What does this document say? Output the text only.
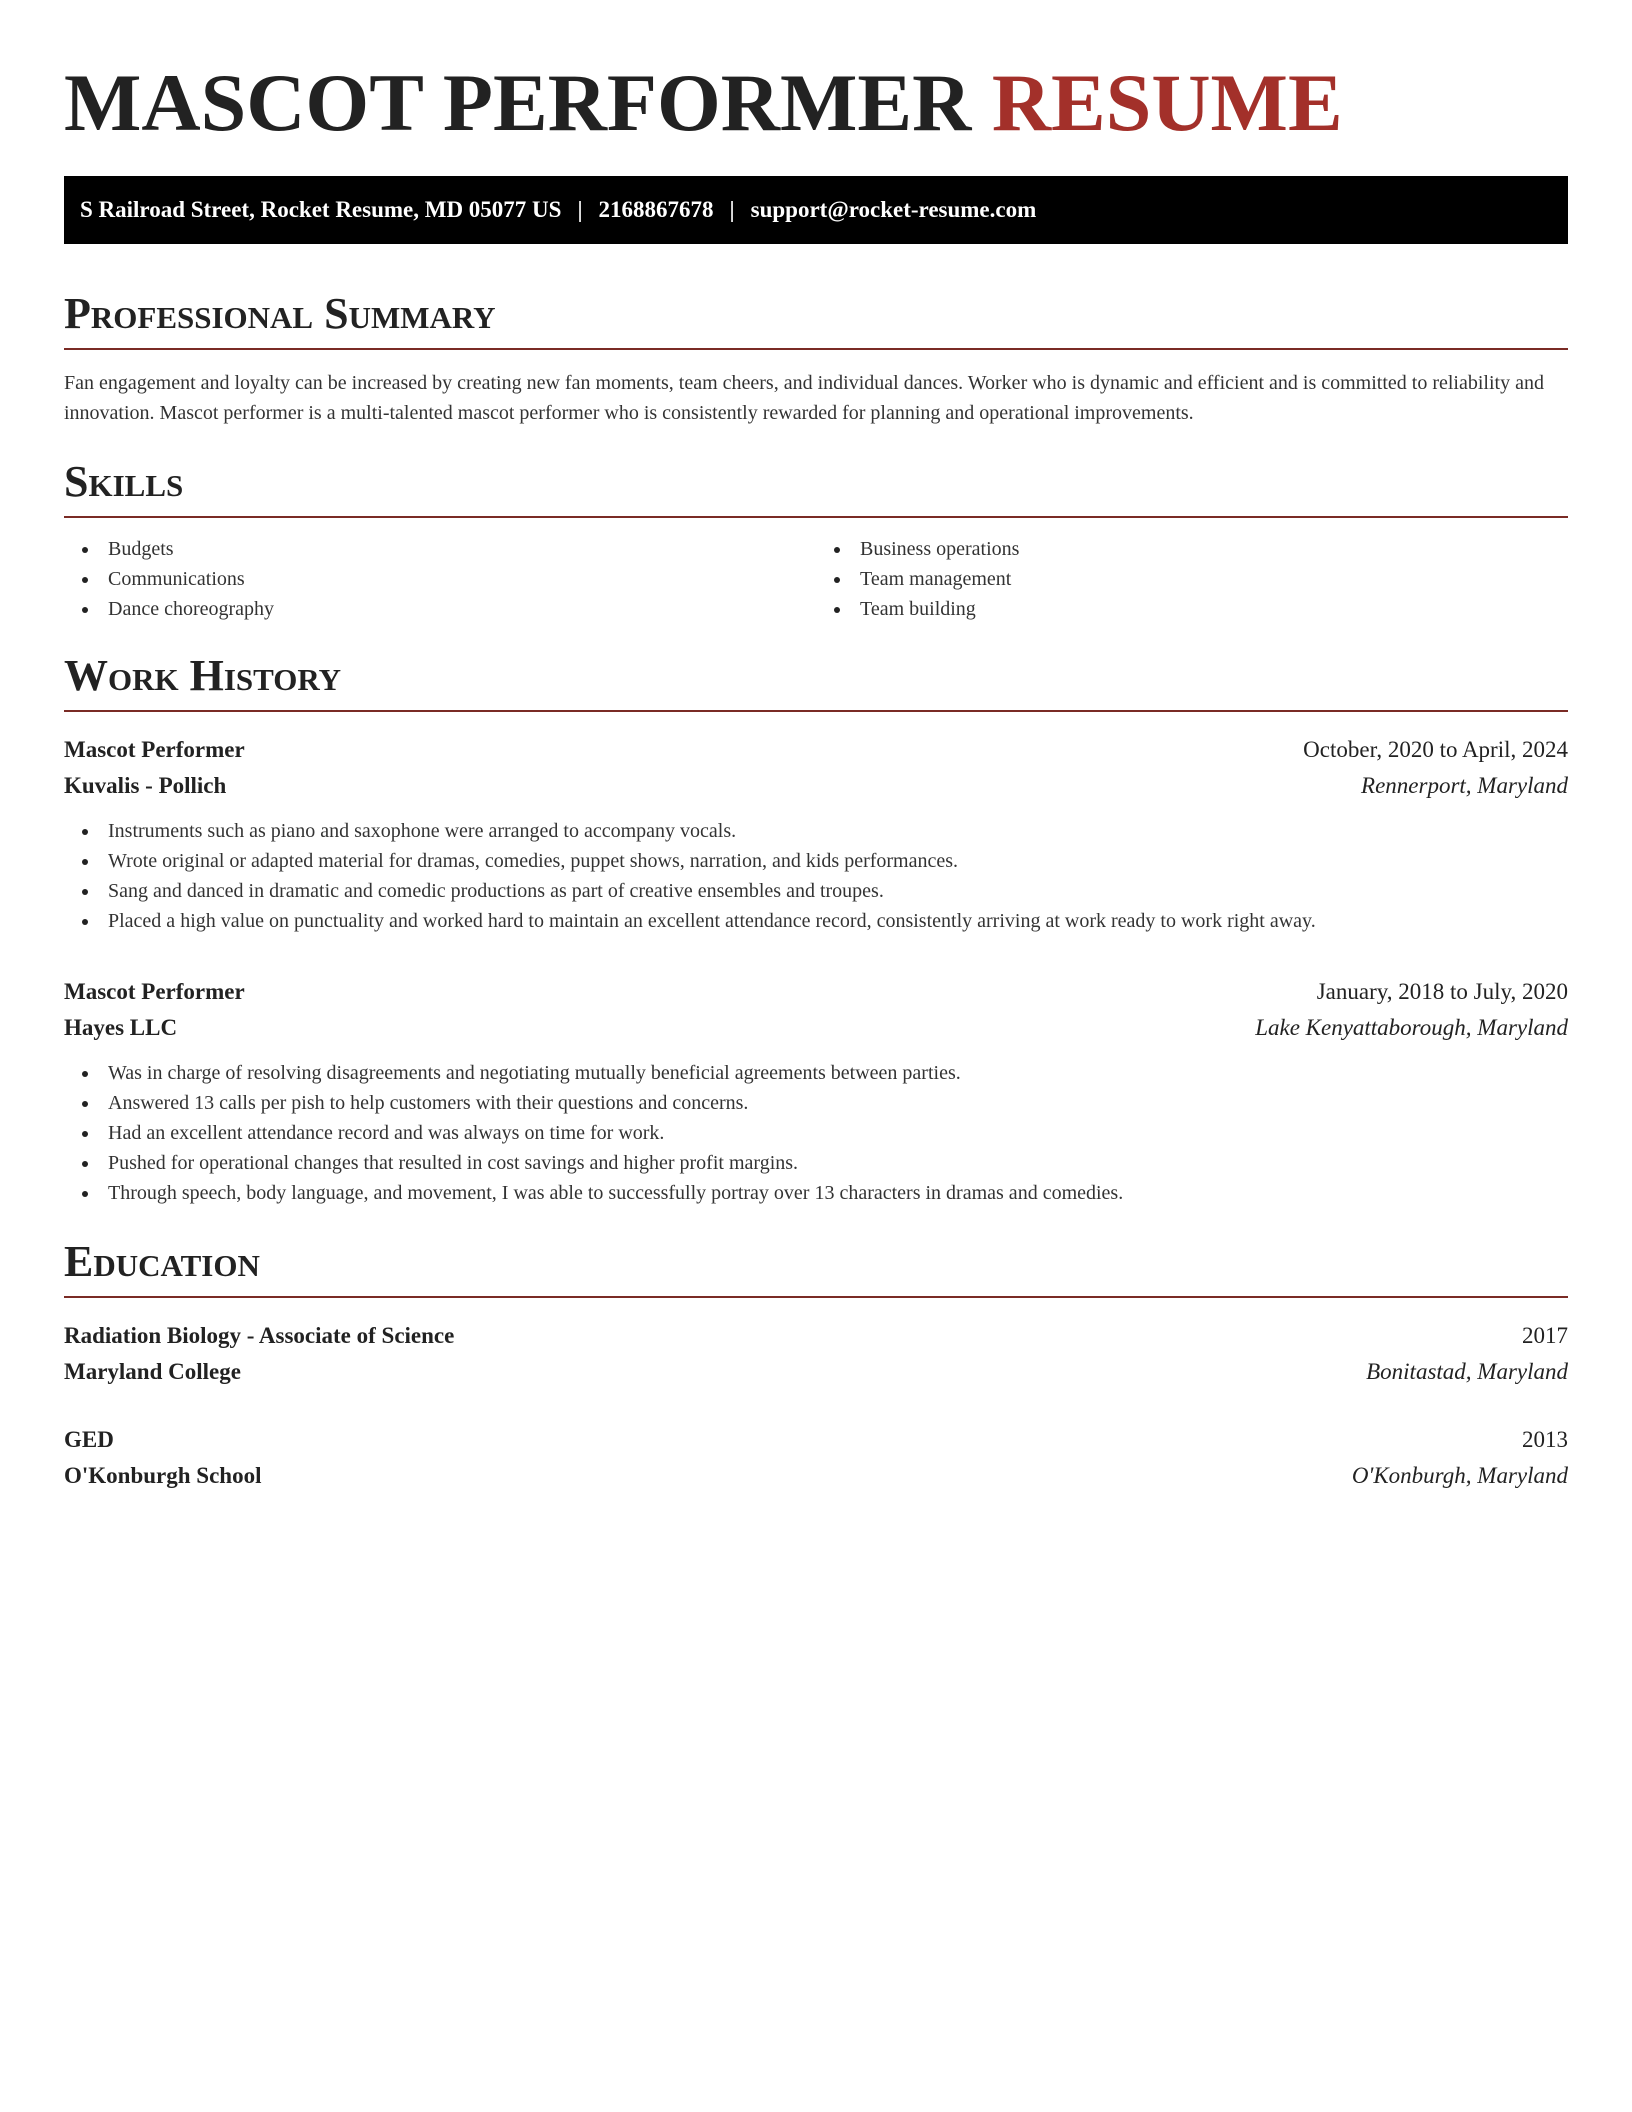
MASCOT PERFORMER RESUME
S Railroad Street, Rocket Resume, MD 05077 US | 2168867678 | support@rocket-resume.com
Professional Summary

Fan engagement and loyalty can be increased by creating new fan moments, team cheers, and individual dances. Worker who is dynamic and efficient and is committed to reliability and innovation. Mascot performer is a multi-talented mascot performer who is consistently rewarded for planning and operational improvements.

Skills
Budgets
Communications
Dance choreography
Business operations
Team management
Team building
Work History
Mascot Performer	October, 2020 to April, 2024
Kuvalis - Pollich	Rennerport, Maryland
Instruments such as piano and saxophone were arranged to accompany vocals.
Wrote original or adapted material for dramas, comedies, puppet shows, narration, and kids performances.
Sang and danced in dramatic and comedic productions as part of creative ensembles and troupes.
Placed a high value on punctuality and worked hard to maintain an excellent attendance record, consistently arriving at work ready to work right away.
Mascot Performer	January, 2018 to July, 2020
Hayes LLC	Lake Kenyattaborough, Maryland
Was in charge of resolving disagreements and negotiating mutually beneficial agreements between parties.
Answered 13 calls per pish to help customers with their questions and concerns.
Had an excellent attendance record and was always on time for work.
Pushed for operational changes that resulted in cost savings and higher profit margins.
Through speech, body language, and movement, I was able to successfully portray over 13 characters in dramas and comedies.
Education
Radiation Biology - Associate of Science	2017
Maryland College	Bonitastad, Maryland
GED	2013
O'Konburgh School	O'Konburgh, Maryland
